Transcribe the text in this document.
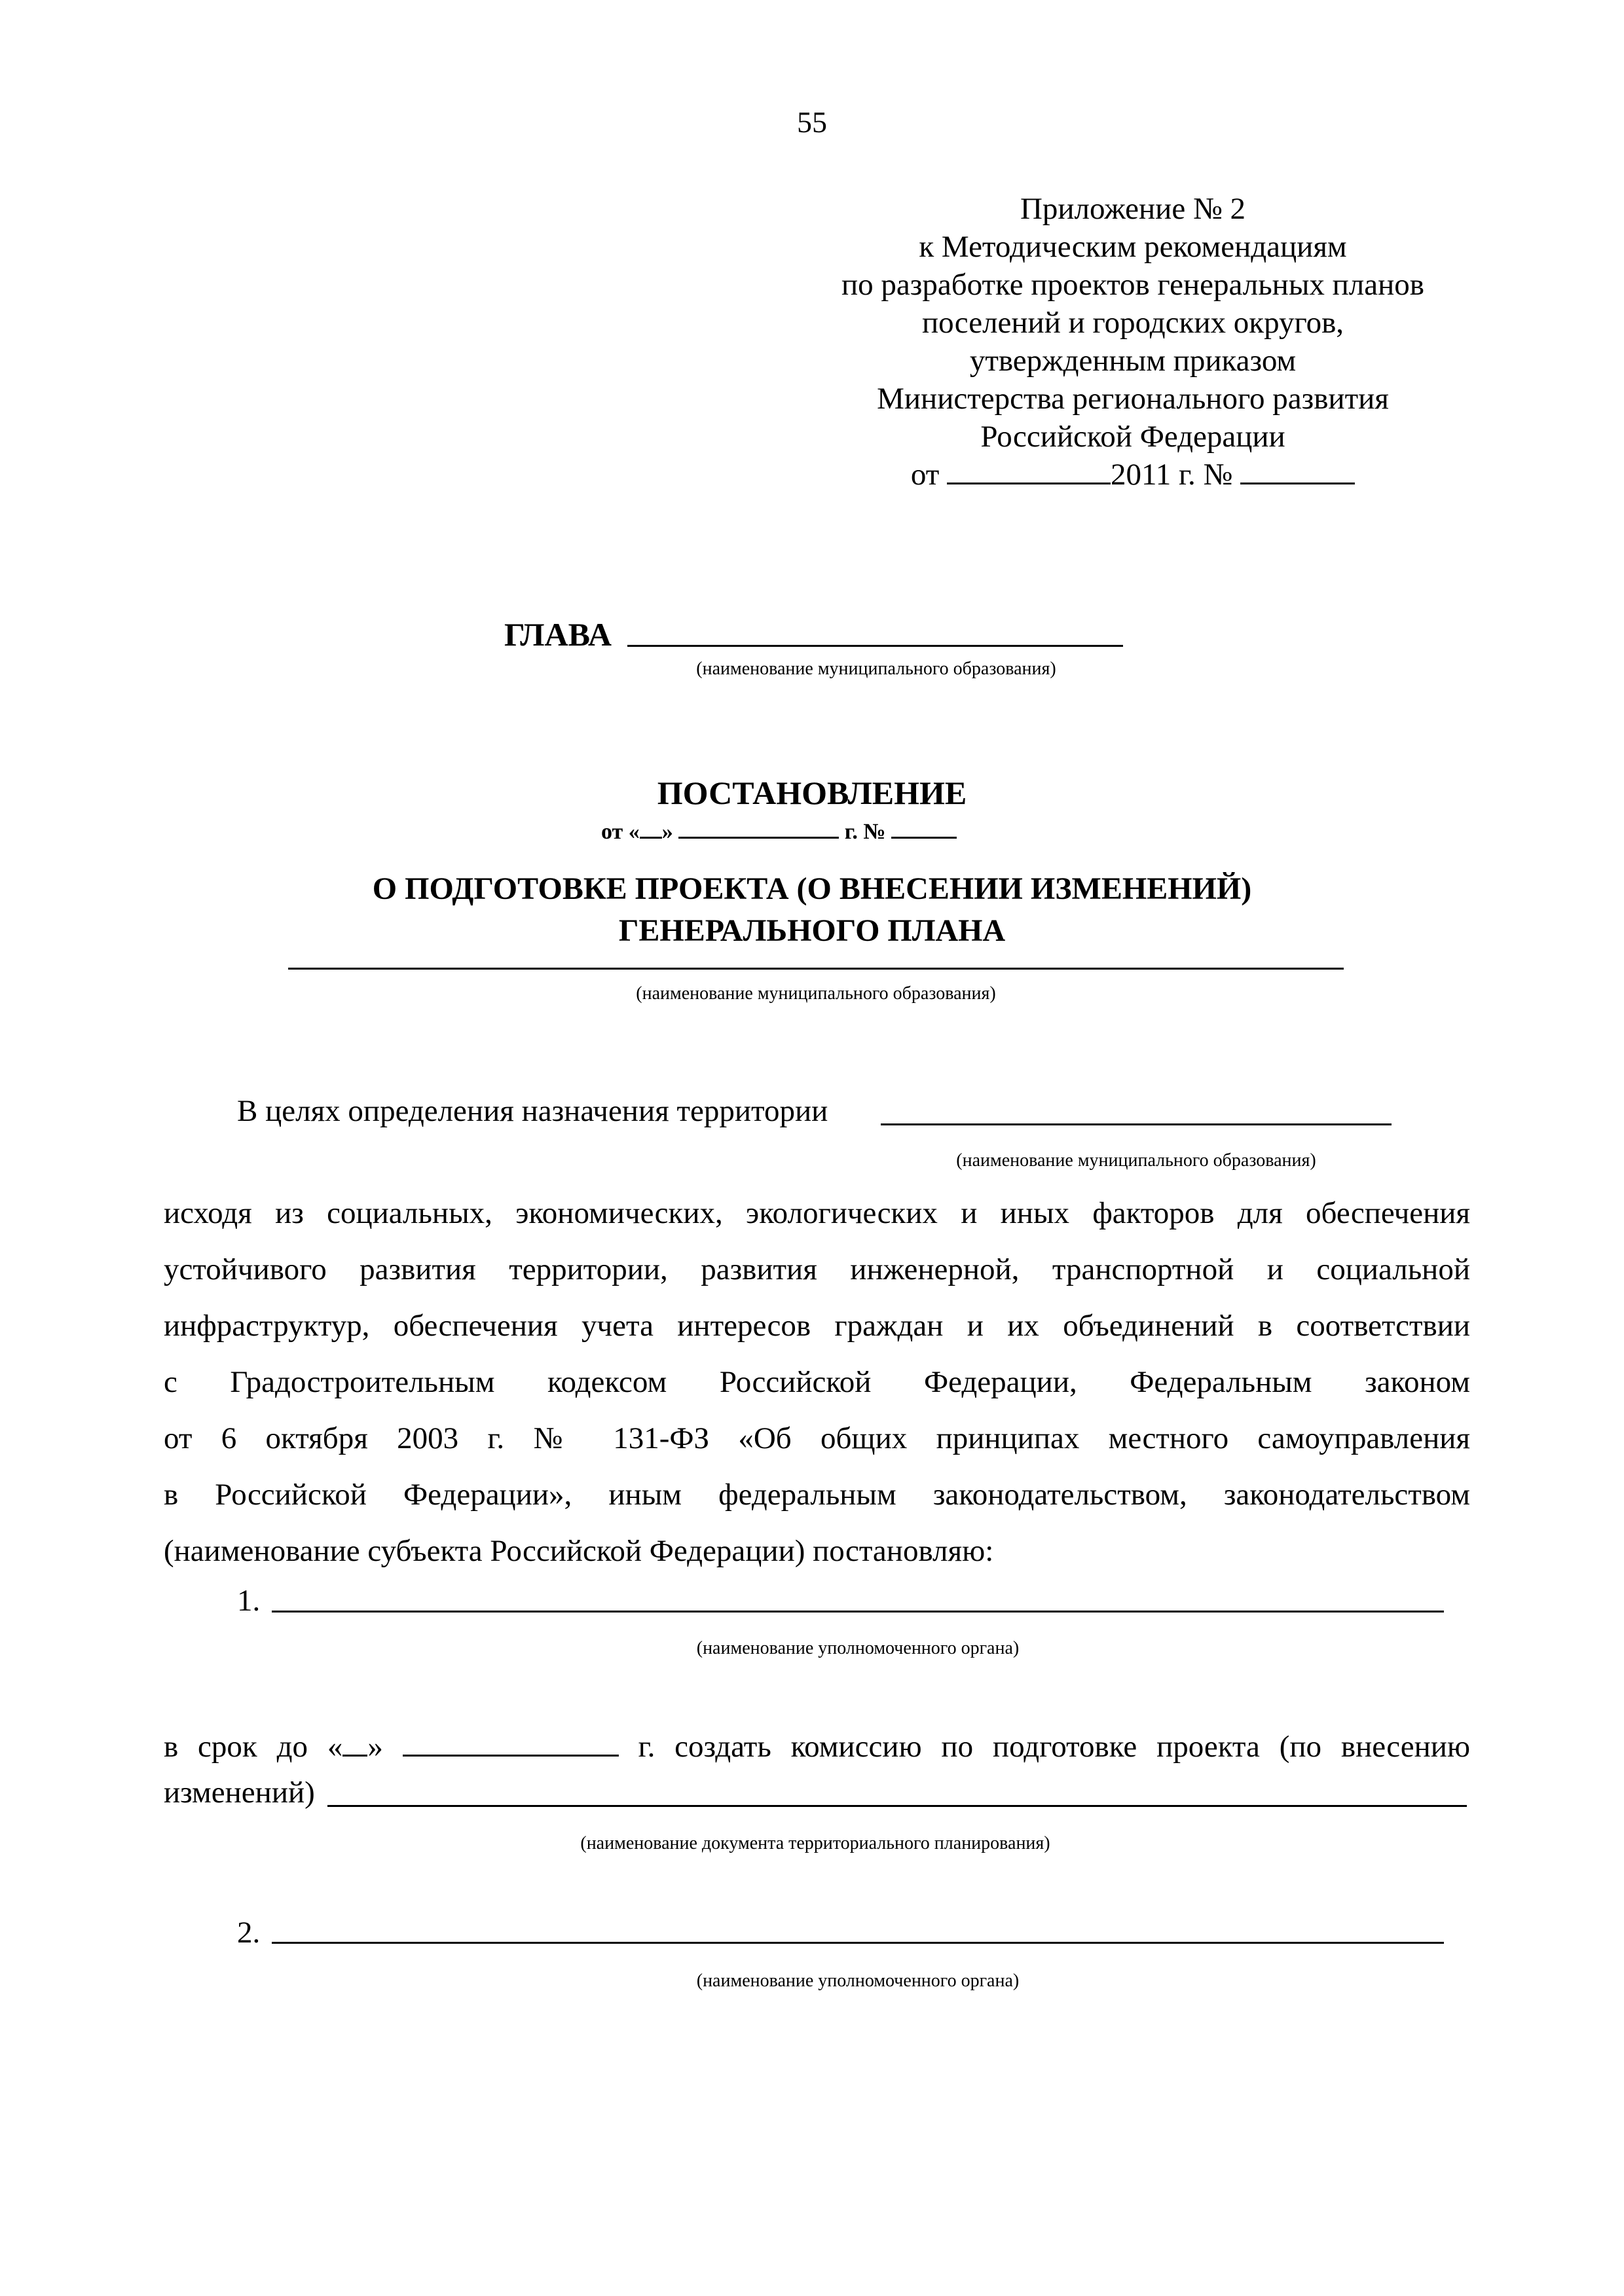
55
Приложение № 2
к Методическим рекомендациям
по разработке проектов генеральных планов
поселений и городских округов,
утвержденным приказом
Министерства регионального развития
Российской Федерации
от	2011 г. №
ГЛАВА
(наименование муниципального образования)
ПОСТАНОВЛЕНИЕ
от « »	г. №
О ПОДГОТОВКЕ ПРОЕКТА (О ВНЕСЕНИИ ИЗМЕНЕНИЙ)
ГЕНЕРАЛЬНОГО ПЛАНА
(наименование муниципального образования)
В целях определения назначения территории
(наименование муниципального образования)
исходя из социальных, экономических, экологических и иных факторов для обеспечения
устойчивого развития территории, развития инженерной, транспортной и социальной
инфраструктур, обеспечения учета интересов граждан и их объединений в соответствии
с Градостроительным кодексом Российской Федерации, Федеральным законом
от 6 октября 2003 г. № 131-ФЗ «Об общих принципах местного самоуправления
в Российской Федерации», иным федеральным законодательством, законодательством
(наименование субъекта Российской Федерации) постановляю:
1.
(наименование уполномоченного органа)
в срок до « »	г. создать комиссию по подготовке проекта (по внесению
изменений)
(наименование документа территориального планирования)
2.
(наименование уполномоченного органа)
